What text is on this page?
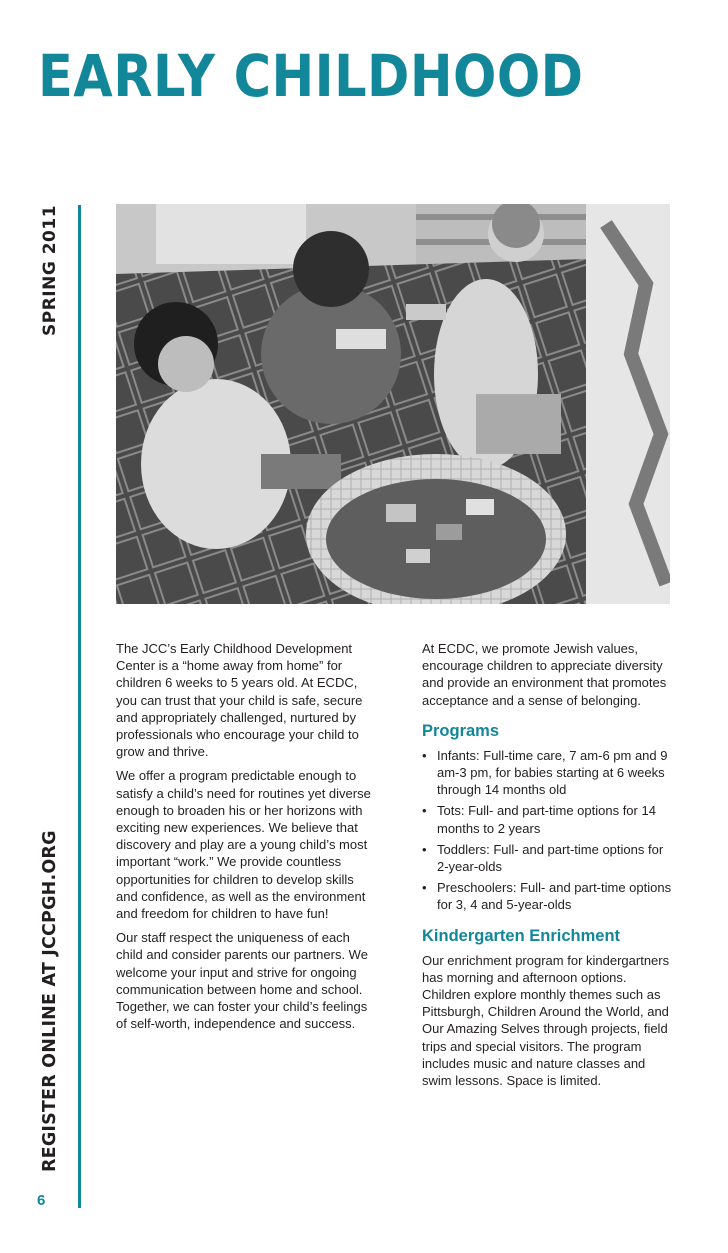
EARLY CHILDHOOD
SPRING 2011
REGISTER ONLINE AT JCCPGH.ORG
6

The JCC’s Early Childhood Development Center is a “home away from home” for children 6 weeks to 5 years old. At ECDC, you can trust that your child is safe, secure and appropriately challenged, nurtured by professionals who encourage your child to grow and thrive.

We offer a program predictable enough to satisfy a child’s need for routines yet diverse enough to broaden his or her horizons with exciting new experiences. We believe that discovery and play are a young child’s most important “work.” We provide countless opportunities for children to develop skills and confidence, as well as the environment and freedom for children to have fun!

Our staff respect the uniqueness of each child and consider parents our partners. We welcome your input and strive for ongoing communication between home and school. Together, we can foster your child’s feelings of self-worth, independence and success.

At ECDC, we promote Jewish values, encourage children to appreciate diversity and provide an environment that promotes acceptance and a sense of belonging.

Programs
• Infants: Full-time care, 7 am-6 pm and 9 am-3 pm, for babies starting at 6 weeks through 14 months old
• Tots: Full- and part-time options for 14 months to 2 years
• Toddlers: Full- and part-time options for 2-year-olds
• Preschoolers: Full- and part-time options for 3, 4 and 5-year-olds
Kindergarten Enrichment

Our enrichment program for kindergartners has morning and afternoon options. Children explore monthly themes such as Pittsburgh, Children Around the World, and Our Amazing Selves through projects, field trips and special visitors. The program includes music and nature classes and swim lessons. Space is limited.
